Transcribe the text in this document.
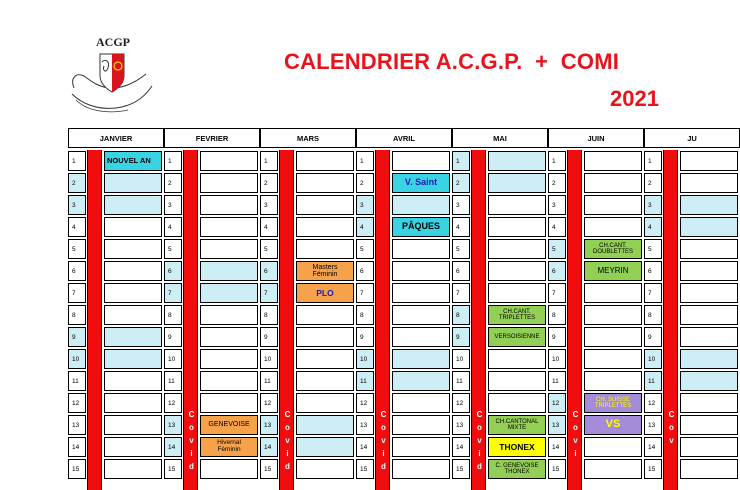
ACGP
CALENDRIER A.C.G.P.  +  COMI
2021
JANVIER
1
2
3
4
5
6
7
8
9
10
11
12
13
14
15
NOUVEL AN
FEVRIER
C
o
v
i
d
1
2
3
4
5
6
7
8
9
10
11
12
13
14
15
GENEVOISE
Hivernal
Féminin
MARS
C
o
v
i
d
1
2
3
4
5
6
7
8
9
10
11
12
13
14
15
Masters
Féminin
PLO
AVRIL
C
o
v
i
d
1
2
3
4
5
6
7
8
9
10
11
12
13
14
15
V. Saint
PÂQUES
MAI
C
o
v
i
d
1
2
3
4
5
6
7
8
9
10
11
12
13
14
15
CH.CANT.
TRIPLETTES
VERSOISIENNE
CH.CANTONAL
MIXTE
THONEX
C. GENEVOISE
THONEX
JUIN
C
o
v
i
1
2
3
4
5
6
7
8
9
10
11
12
13
14
15
CH.CANT.
DOUBLETTES
MEYRIN
CH. SUISSE
TRIPLETTES
VS
JU
C
o
v
1
2
3
4
5
6
7
8
9
10
11
12
13
14
15
